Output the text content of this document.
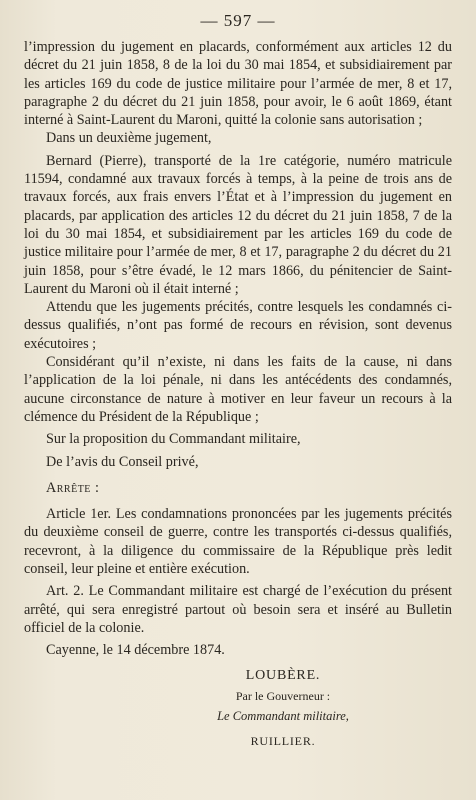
— 597 —

l’impression du jugement en placards, conformément aux articles 12 du décret du 21 juin 1858, 8 de la loi du 30 mai 1854, et subsidiairement par les articles 169 du code de justice militaire pour l’armée de mer, 8 et 17, paragraphe 2 du décret du 21 juin 1858, pour avoir, le 6 août 1869, étant interné à Saint-Laurent du Maroni, quitté la colonie sans autorisation ;

Dans un deuxième jugement,

Bernard (Pierre), transporté de la 1re catégorie, numéro matricule 11594, condamné aux travaux forcés à temps, à la peine de trois ans de travaux forcés, aux frais envers l’État et à l’impression du jugement en placards, par application des articles 12 du décret du 21 juin 1858, 7 de la loi du 30 mai 1854, et subsidiairement par les articles 169 du code de justice militaire pour l’armée de mer, 8 et 17, paragraphe 2 du décret du 21 juin 1858, pour s’être évadé, le 12 mars 1866, du pénitencier de Saint-Laurent du Maroni où il était interné ;

Attendu que les jugements précités, contre lesquels les condamnés ci-dessus qualifiés, n’ont pas formé de recours en révision, sont devenus exécutoires ;

Considérant qu’il n’existe, ni dans les faits de la cause, ni dans l’application de la loi pénale, ni dans les antécédents des condamnés, aucune circonstance de nature à motiver en leur faveur un recours à la clémence du Président de la République ;

Sur la proposition du Commandant militaire,

De l’avis du Conseil privé,

Arrête :

Article 1er. Les condamnations prononcées par les jugements précités du deuxième conseil de guerre, contre les transportés ci-dessus qualifiés, recevront, à la diligence du commissaire de la République près ledit conseil, leur pleine et entière exécution.

Art. 2. Le Commandant militaire est chargé de l’exécution du présent arrêté, qui sera enregistré partout où besoin sera et inséré au Bulletin officiel de la colonie.

Cayenne, le 14 décembre 1874.

LOUBÈRE.
Par le Gouverneur :
Le Commandant militaire,
RUILLIER.
